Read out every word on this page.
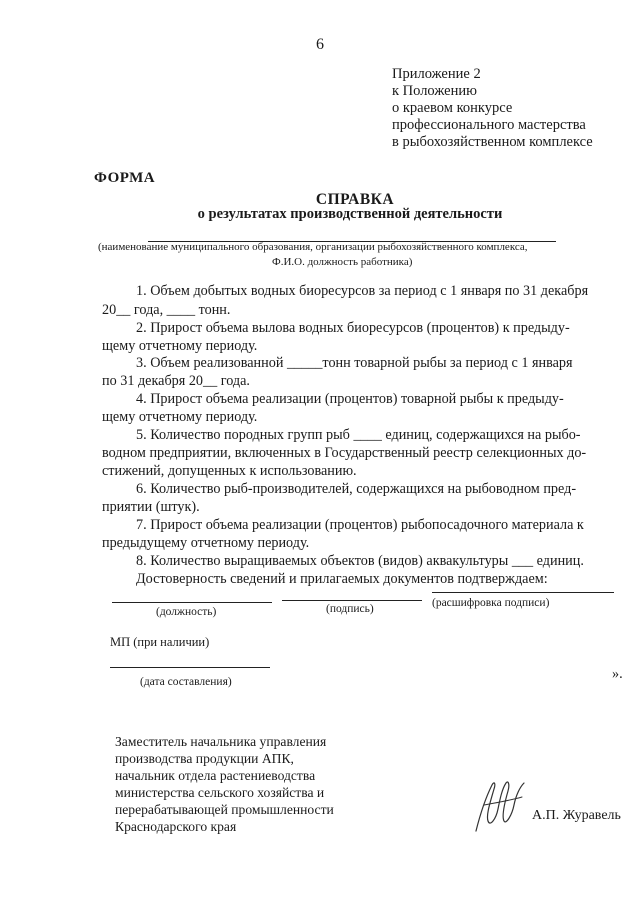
6
Приложение 2
к Положению
о краевом конкурсе
профессионального мастерства
в рыбохозяйственном комплексе
ФОРМА
СПРАВКА
о результатах производственной деятельности
(наименование муниципального образования, организации рыбохозяйственного комплекса,
Ф.И.О. должность работника)
1. Объем добытых водных биоресурсов за период с 1 января по 31 декабря
20__ года, ____ тонн.
2. Прирост объема вылова водных биоресурсов (процентов) к предыду-
щему отчетному периоду.
3. Объем реализованной _____тонн товарной рыбы за период с 1 января
по 31 декабря 20__ года.
4. Прирост объема реализации (процентов) товарной рыбы к предыду-
щему отчетному периоду.
5. Количество породных групп рыб ____ единиц, содержащихся на рыбо-
водном предприятии, включенных в Государственный реестр селекционных до-
стижений, допущенных к использованию.
6. Количество рыб-производителей, содержащихся на рыбоводном пред-
приятии (штук).
7. Прирост объема реализации (процентов) рыбопосадочного материала к
предыдущему отчетному периоду.
8. Количество выращиваемых объектов (видов) аквакультуры ___ единиц.
Достоверность сведений и прилагаемых документов подтверждаем:
(должность)	(подпись)	(расшифровка подписи)
МП (при наличии)
(дата составления)	».
Заместитель начальника управления
производства продукции АПК,
начальник отдела растениеводства
министерства сельского хозяйства и
перерабатывающей промышленности
Краснодарского края
А.П. Журавель
